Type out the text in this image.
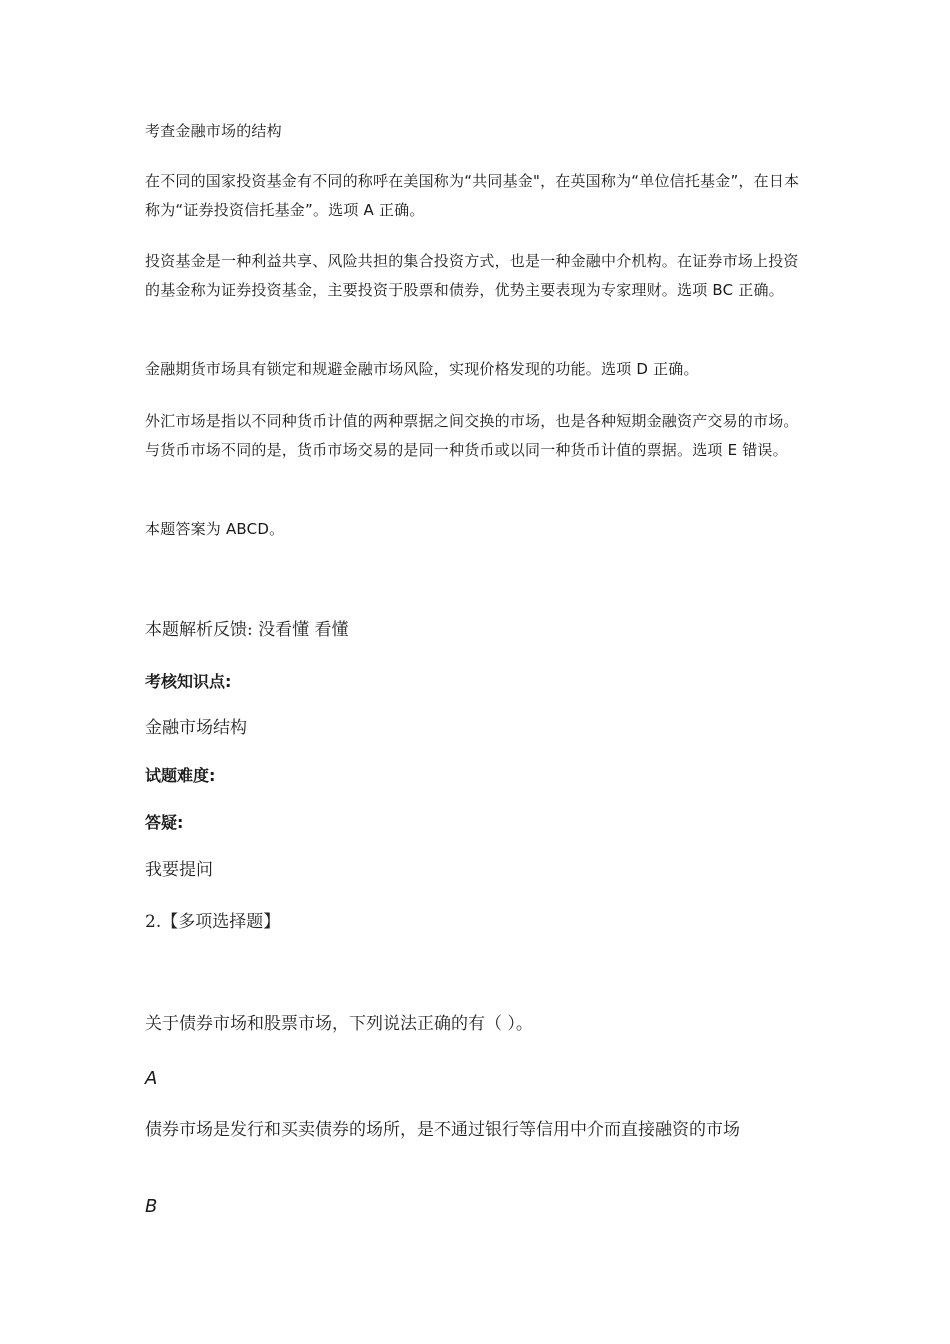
考查金融市场的结构

在不同的国家投资基金有不同的称呼在美国称为“共同基金"，在英国称为“单位信托基金”，在日本称为“证券投资信托基金”。选项 A 正确。

投资基金是一种利益共享、风险共担的集合投资方式，也是一种金融中介机构。在证券市场上投资的基金称为证券投资基金，主要投资于股票和债券，优势主要表现为专家理财。选项 BC 正确。

金融期货市场具有锁定和规避金融市场风险，实现价格发现的功能。选项 D 正确。

外汇市场是指以不同种货币计值的两种票据之间交换的市场，也是各种短期金融资产交易的市场。与货币市场不同的是，货币市场交易的是同一种货币或以同一种货币计值的票据。选项 E 错误。

本题答案为 ABCD。

本题解析反馈: 没看懂 看懂

考核知识点:

金融市场结构

试题难度:

答疑:

我要提问

2.【多项选择题】

关于债券市场和股票市场，下列说法正确的有（ ）。

A

债券市场是发行和买卖债券的场所，是不通过银行等信用中介而直接融资的市场

B
